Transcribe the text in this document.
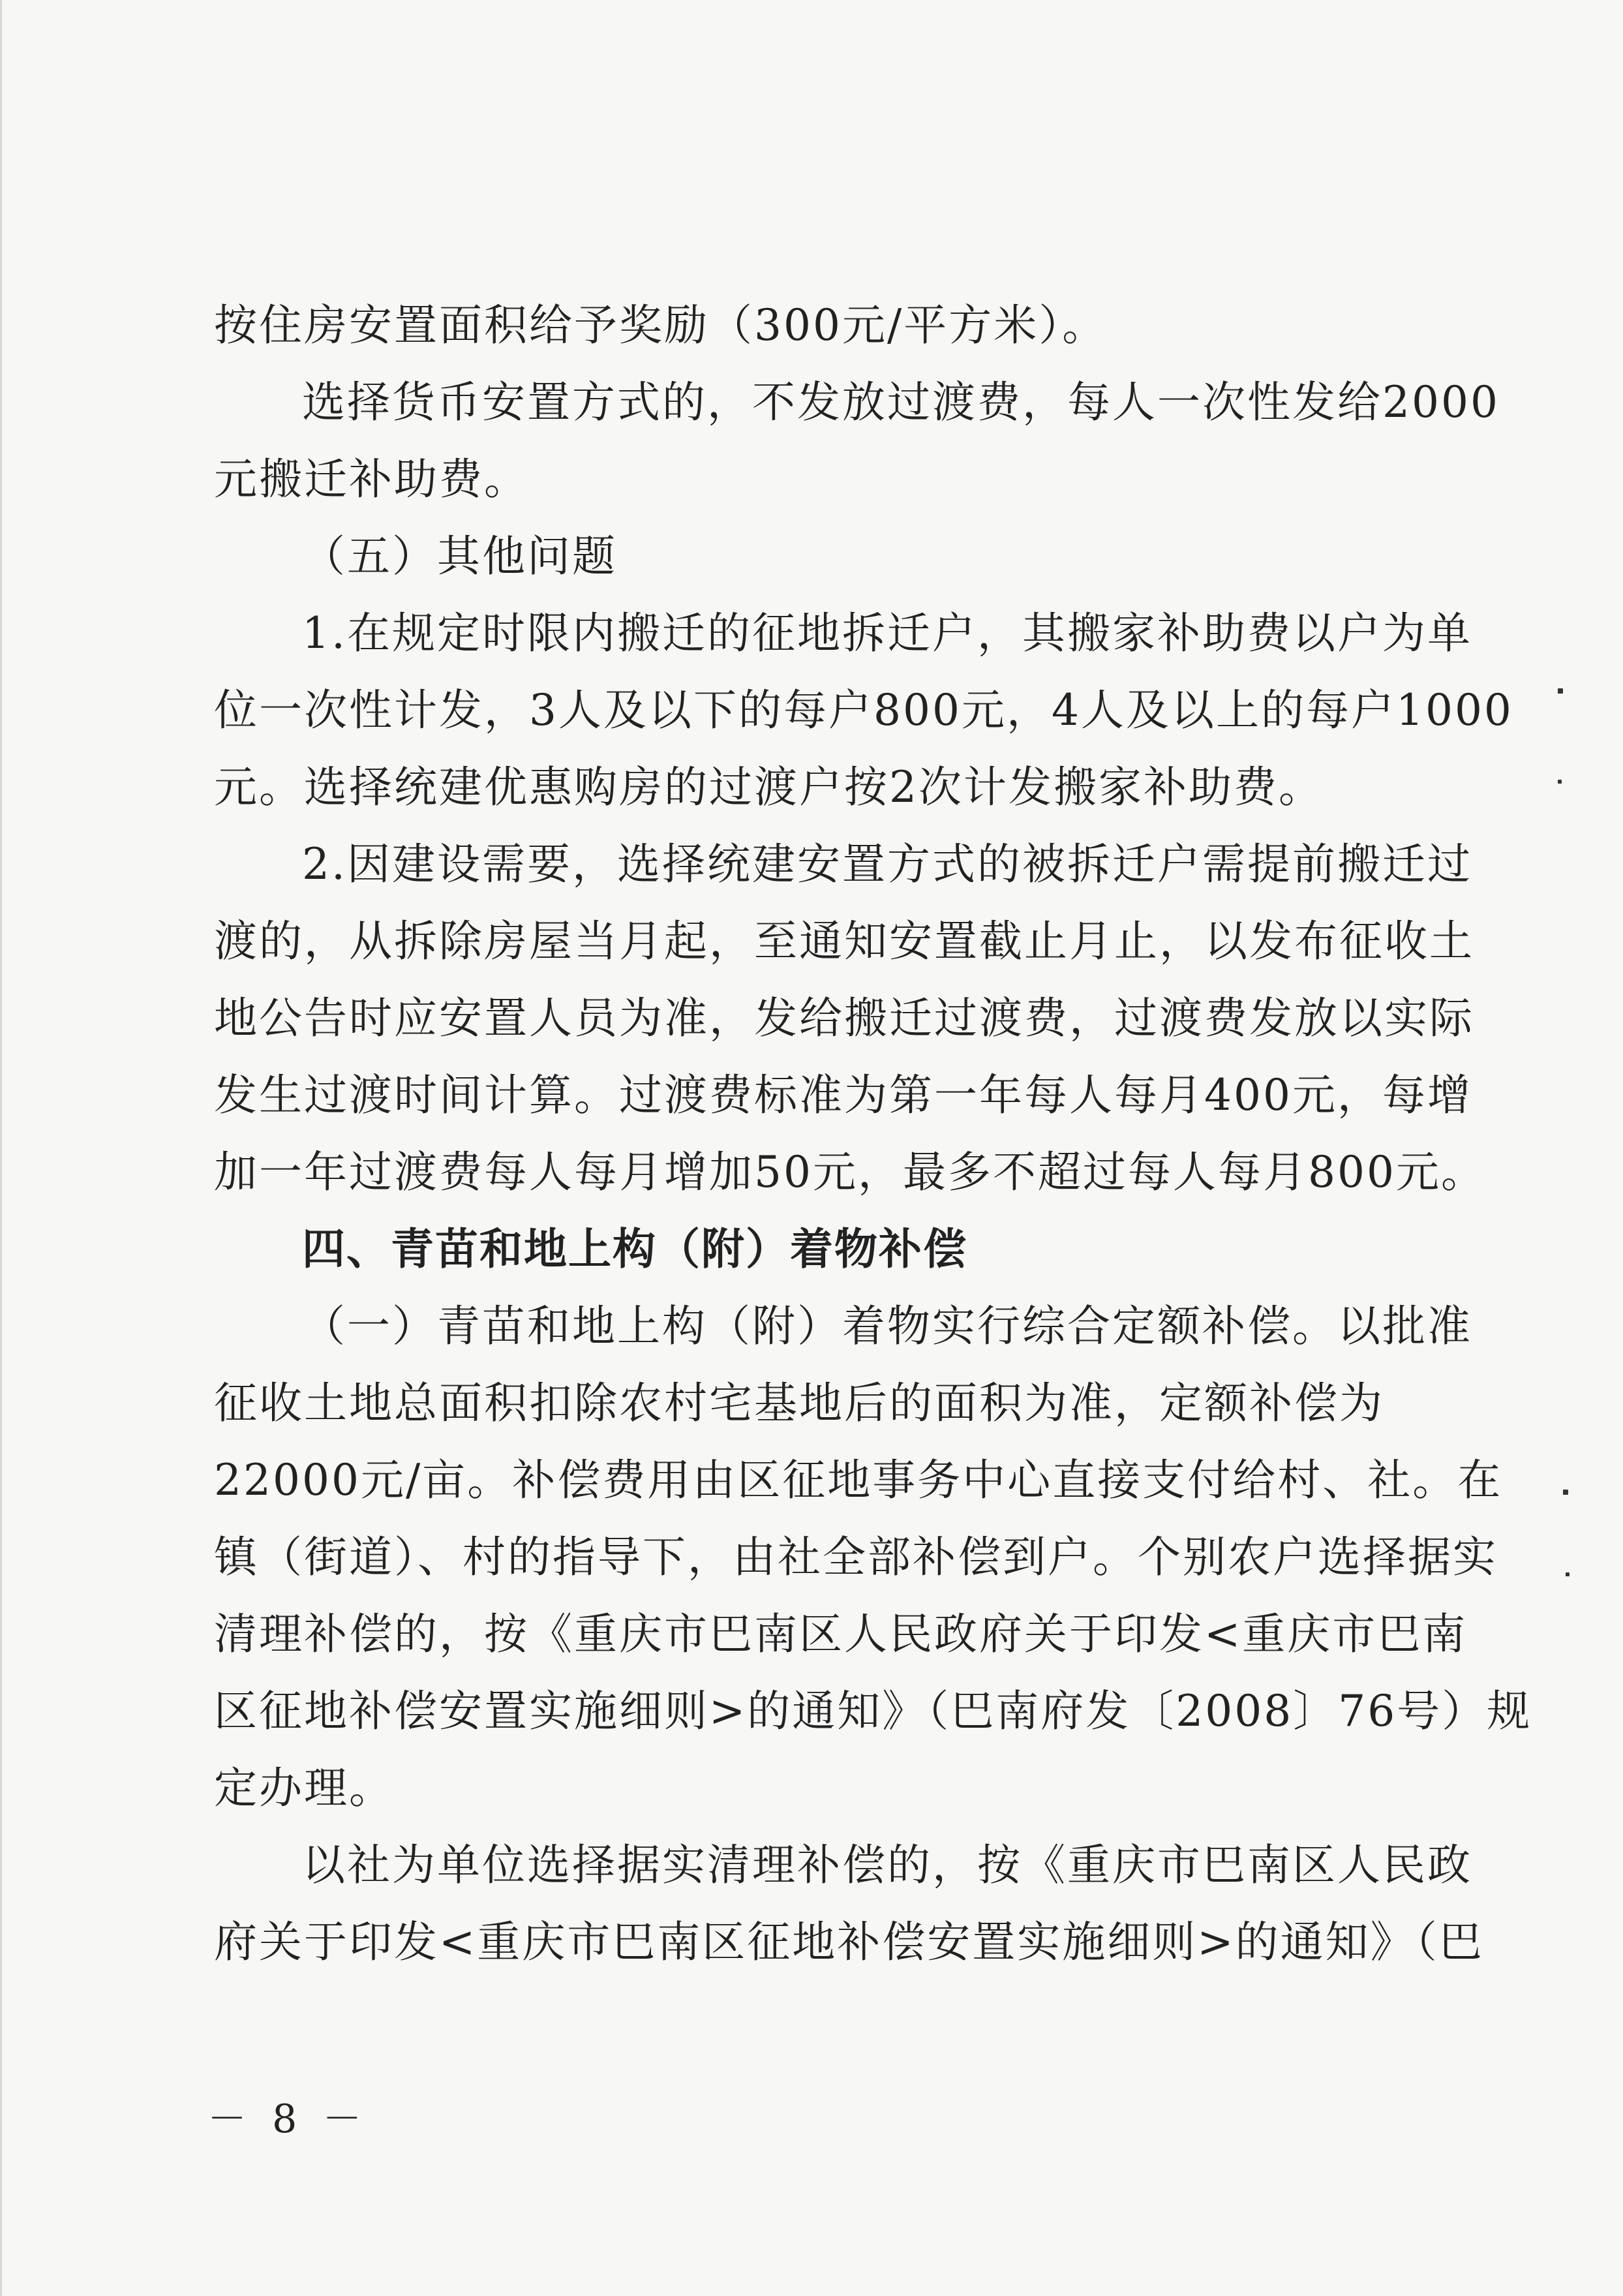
按住房安置面积给予奖励（300元/平方米）。
选择货币安置方式的，不发放过渡费，每人一次性发给2000
元搬迁补助费。
（五）其他问题
1.在规定时限内搬迁的征地拆迁户，其搬家补助费以户为单
位一次性计发，3人及以下的每户800元，4人及以上的每户1000
元。选择统建优惠购房的过渡户按2次计发搬家补助费。
2.因建设需要，选择统建安置方式的被拆迁户需提前搬迁过
渡的，从拆除房屋当月起，至通知安置截止月止，以发布征收土
地公告时应安置人员为准，发给搬迁过渡费，过渡费发放以实际
发生过渡时间计算。过渡费标准为第一年每人每月400元，每增
加一年过渡费每人每月增加50元，最多不超过每人每月800元。
四、青苗和地上构（附）着物补偿
（一）青苗和地上构（附）着物实行综合定额补偿。以批准
征收土地总面积扣除农村宅基地后的面积为准，定额补偿为
22000元/亩。补偿费用由区征地事务中心直接支付给村、社。在
镇（街道）、村的指导下，由社全部补偿到户。个别农户选择据实
清理补偿的，按《重庆市巴南区人民政府关于印发<重庆市巴南
区征地补偿安置实施细则>的通知》（巴南府发〔2008〕76号）规
定办理。
以社为单位选择据实清理补偿的，按《重庆市巴南区人民政
府关于印发<重庆市巴南区征地补偿安置实施细则>的通知》（巴
－ 8 －
